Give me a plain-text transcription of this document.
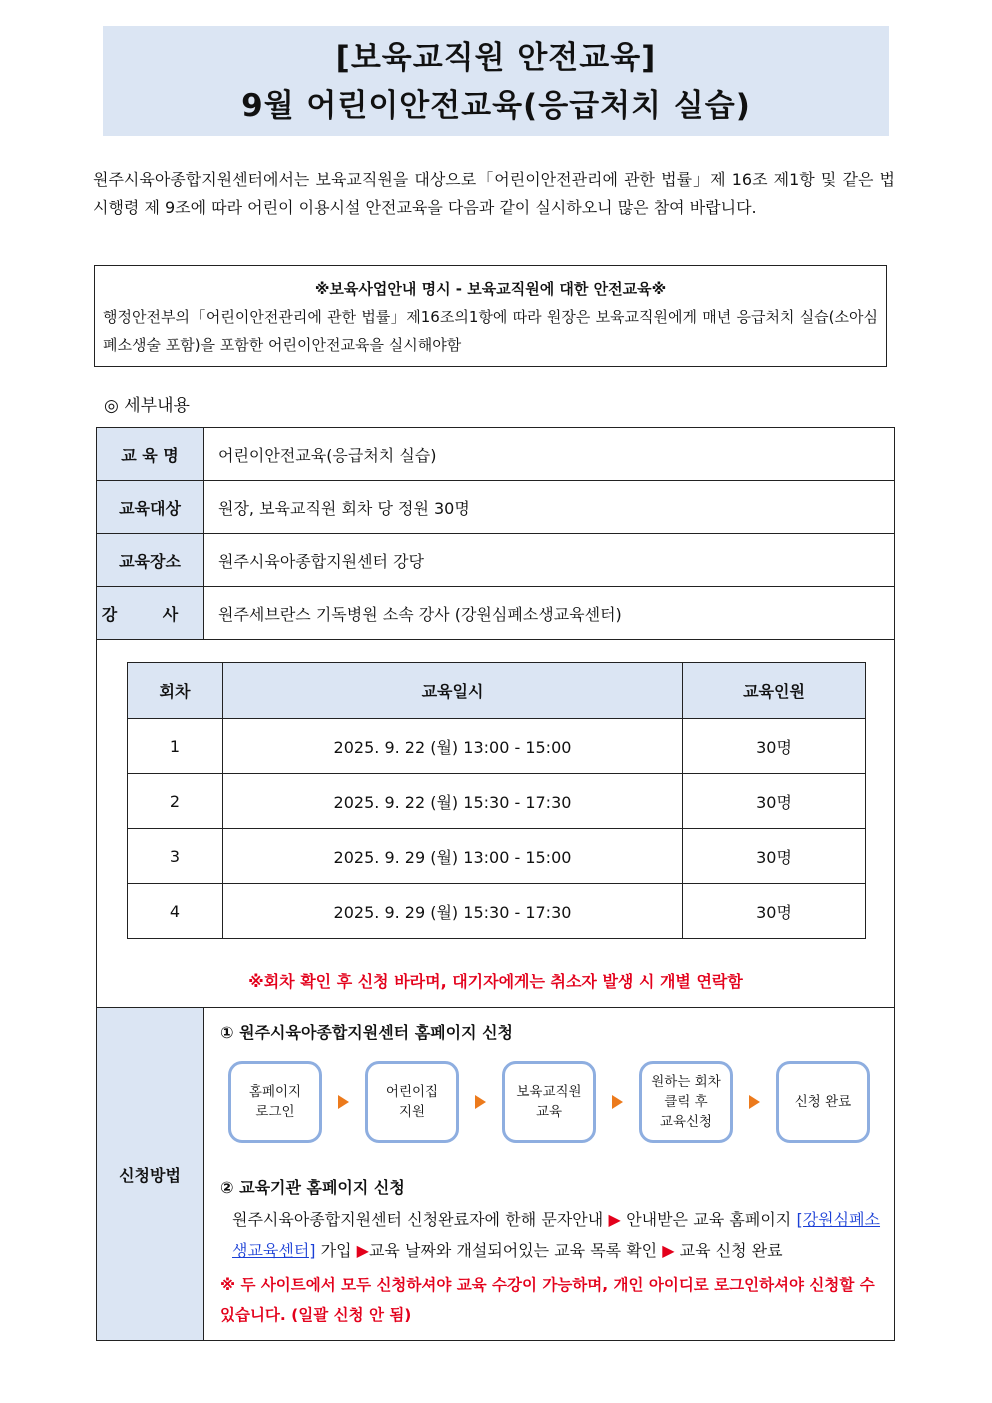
[보육교직원 안전교육]
9월 어린이안전교육(응급처치 실습)
원주시육아종합지원센터에서는 보육교직원을 대상으로「어린이안전관리에 관한 법률」제 16조 제1항 및 같은 법 시행령 제 9조에 따라 어린이 이용시설 안전교육을 다음과 같이 실시하오니 많은 참여 바랍니다.
※보육사업안내 명시 - 보육교직원에 대한 안전교육※
행정안전부의「어린이안전관리에 관한 법률」제16조의1항에 따라 원장은 보육교직원에게 매년 응급처치 실습(소아심폐소생술 포함)을 포함한 어린이안전교육을 실시해야함
◎ 세부내용
교 육 명	어린이안전교육(응급처치 실습)
교육대상	원장, 보육교직원 회차 당 정원 30명
교육장소	원주시육아종합지원센터 강당
강 사	원주세브란스 기독병원 소속 강사 (강원심폐소생교육센터)

회차	교육일시	교육인원
1	2025. 9. 22 (월) 13:00 - 15:00	30명
2	2025. 9. 22 (월) 15:30 - 17:30	30명
3	2025. 9. 29 (월) 13:00 - 15:00	30명
4	2025. 9. 29 (월) 15:30 - 17:30	30명
※회차 확인 후 신청 바라며, 대기자에게는 취소자 발생 시 개별 연락함

신청방법	
① 원주시육아종합지원센터 홈페이지 신청
홈페이지
로그인
어린이집
지원
보육교직원
교육
원하는 회차
클릭 후
교육신청
신청 완료
② 교육기관 홈페이지 신청
원주시육아종합지원센터 신청완료자에 한해 문자안내 ▶ 안내받은 교육 홈페이지 [강원심폐소생교육센터] 가입 ▶교육 날짜와 개설되어있는 교육 목록 확인 ▶ 교육 신청 완료
※ 두 사이트에서 모두 신청하셔야 교육 수강이 가능하며, 개인 아이디로 로그인하셔야 신청할 수 있습니다. (일괄 신청 안 됨)
